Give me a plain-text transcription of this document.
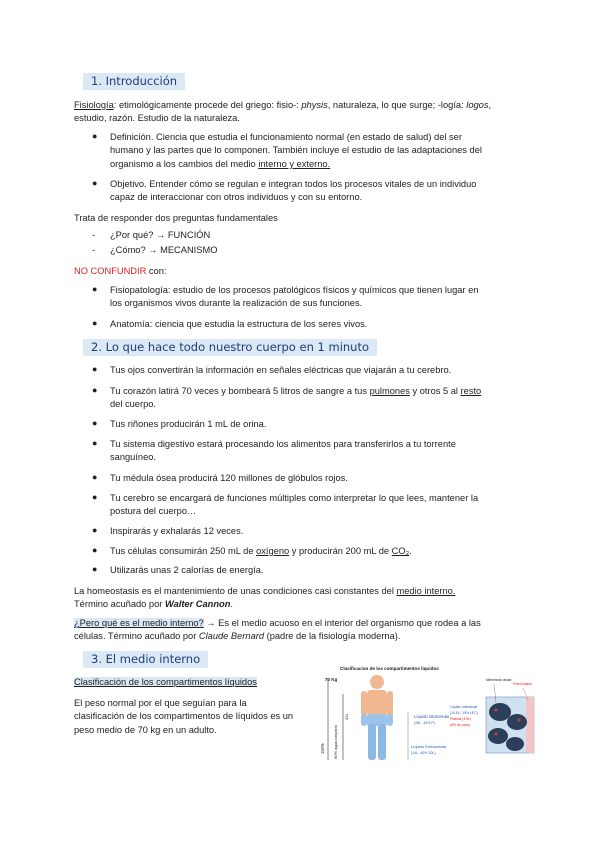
1. Introducción
Fisiología: etimológicamente procede del griego: fisio-: physis, naturaleza, lo que surge; -logía: logos,
estudio, razón. Estudio de la naturaleza.
● Definición. Ciencia que estudia el funcionamiento normal (en estado de salud) del ser
humano y las partes que lo componen. También incluye el estudio de las adaptaciones del
organismo a los cambios del medio interno y externo.
● Objetivo. Entender cómo se regulan e integran todos los procesos vitales de un individuo
capaz de interaccionar con otros individuos y con su entorno.
Trata de responder dos preguntas fundamentales
- ¿Por qué? → FUNCIÓN
- ¿Cómo? → MECANISMO
NO CONFUNDIR con:
● Fisiopatología: estudio de los procesos patológicos físicos y químicos que tienen lugar en
los organismos vivos durante la realización de sus funciones.
● Anatomía: ciencia que estudia la estructura de los seres vivos.
2. Lo que hace todo nuestro cuerpo en 1 minuto
● Tus ojos convertirán la información en señales eléctricas que viajarán a tu cerebro.
● Tu corazón latirá 70 veces y bombeará 5 litros de sangre a tus pulmones y otros 5 al resto
del cuerpo.
● Tus riñones producirán 1 mL de orina.
● Tu sistema digestivo estará procesando los alimentos para transferirlos a tu torrente
sanguíneo.
● Tu médula ósea producirá 120 millones de glóbulos rojos.
● Tu cerebro se encargará de funciones múltiples como interpretar lo que lees, mantener la
postura del cuerpo…
● Inspirarás y exhalarás 12 veces.
● Tus células consumirán 250 mL de oxígeno y producirán 200 mL de CO₂.
● Utilizarás unas 2 calorías de energía.
La homeostasis es el mantenimiento de unas condiciones casi constantes del medio interno.
Término acuñado por Walter Cannon.
¿Pero qué es el medio interno? → Es el medio acuoso en el interior del organismo que rodea a las
células. Término acuñado por Claude Bernard (padre de la fisiología moderna).
3. El medio interno
Clasificación de los compartimentos líquidos
El peso normal por el que seguían para la
clasificación de los compartimentos de líquidos es un
peso medio de 70 kg en un adulto.
Clasificacion de los compartimentos liquidos
70 Kg
100% 60% agua corporal
42L	Líquido intracelular
(28L, 40% P)
Líquido Extracelular
(14L, 40% 20L)
Líquido intersticial
(10.5L / 15% LEC)
Plasma (3.5L)
(5% de peso)
Membrana celular
Pared capilar
